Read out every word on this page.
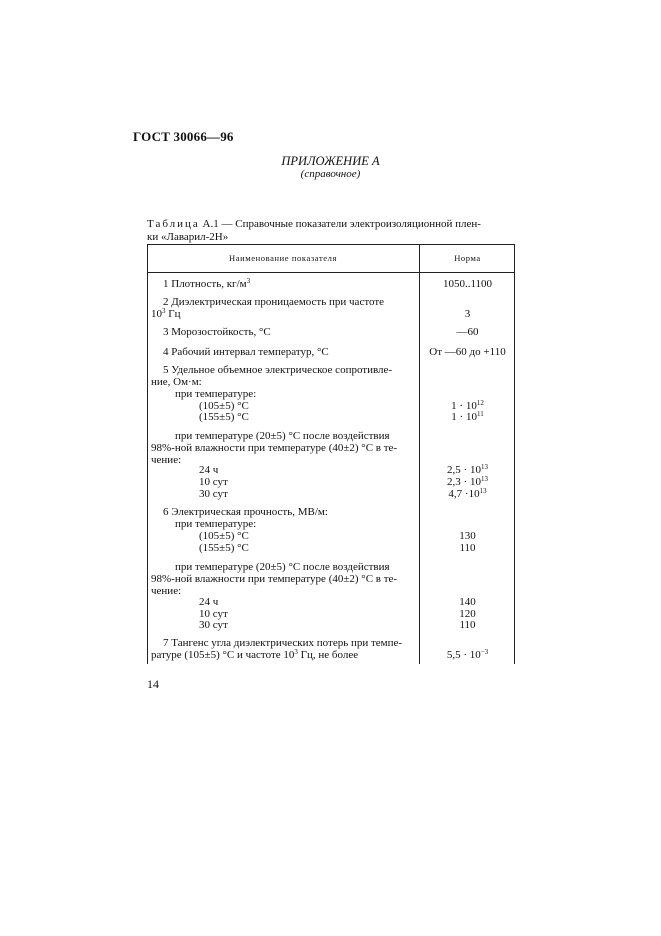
ГОСТ 30066—96
ПРИЛОЖЕНИЕ А
(справочное)
Таблица А.1 — Справочные показатели электроизоляционной плен-
ки «Лаварил-2Н»
Наименование показателя	Норма
1 Плотность, $кг/м^3$	1050..1100
2 Диэлектрическая проницаемость при частоте
$10^3$ Гц	3
3 Морозостойкость, °С	—60
4 Рабочий интервал температур, °С	От —60 до +110
5 Удельное объемное электрическое сопротивле-
ние, Ом·м:
при температуре:
(105±5) °С	$1 \cdot 10^{12}$
(155±5) °С	$1 \cdot 10^{11}$
при температуре (20±5) °С после воздействия
98%-ной влажности при температуре (40±2) °С в те-
чение:
24 ч	$2,5 \cdot 10^{13}$
10 сут	$2,3 \cdot 10^{13}$
30 сут	$4,7 \cdot 10^{13}$
6 Электрическая прочность, МВ/м:
при температуре:
(105±5) °С	130
(155±5) °С	110
при температуре (20±5) °С после воздействия
98%-ной влажности при температуре (40±2) °С в те-
чение:
24 ч	140
10 сут	120
30 сут	110
7 Тангенс угла диэлектрических потерь при темпе-
ратуре (105±5) °С и частоте $10^3$ Гц, не более	$5,5 \cdot 10^{-3}$
14
